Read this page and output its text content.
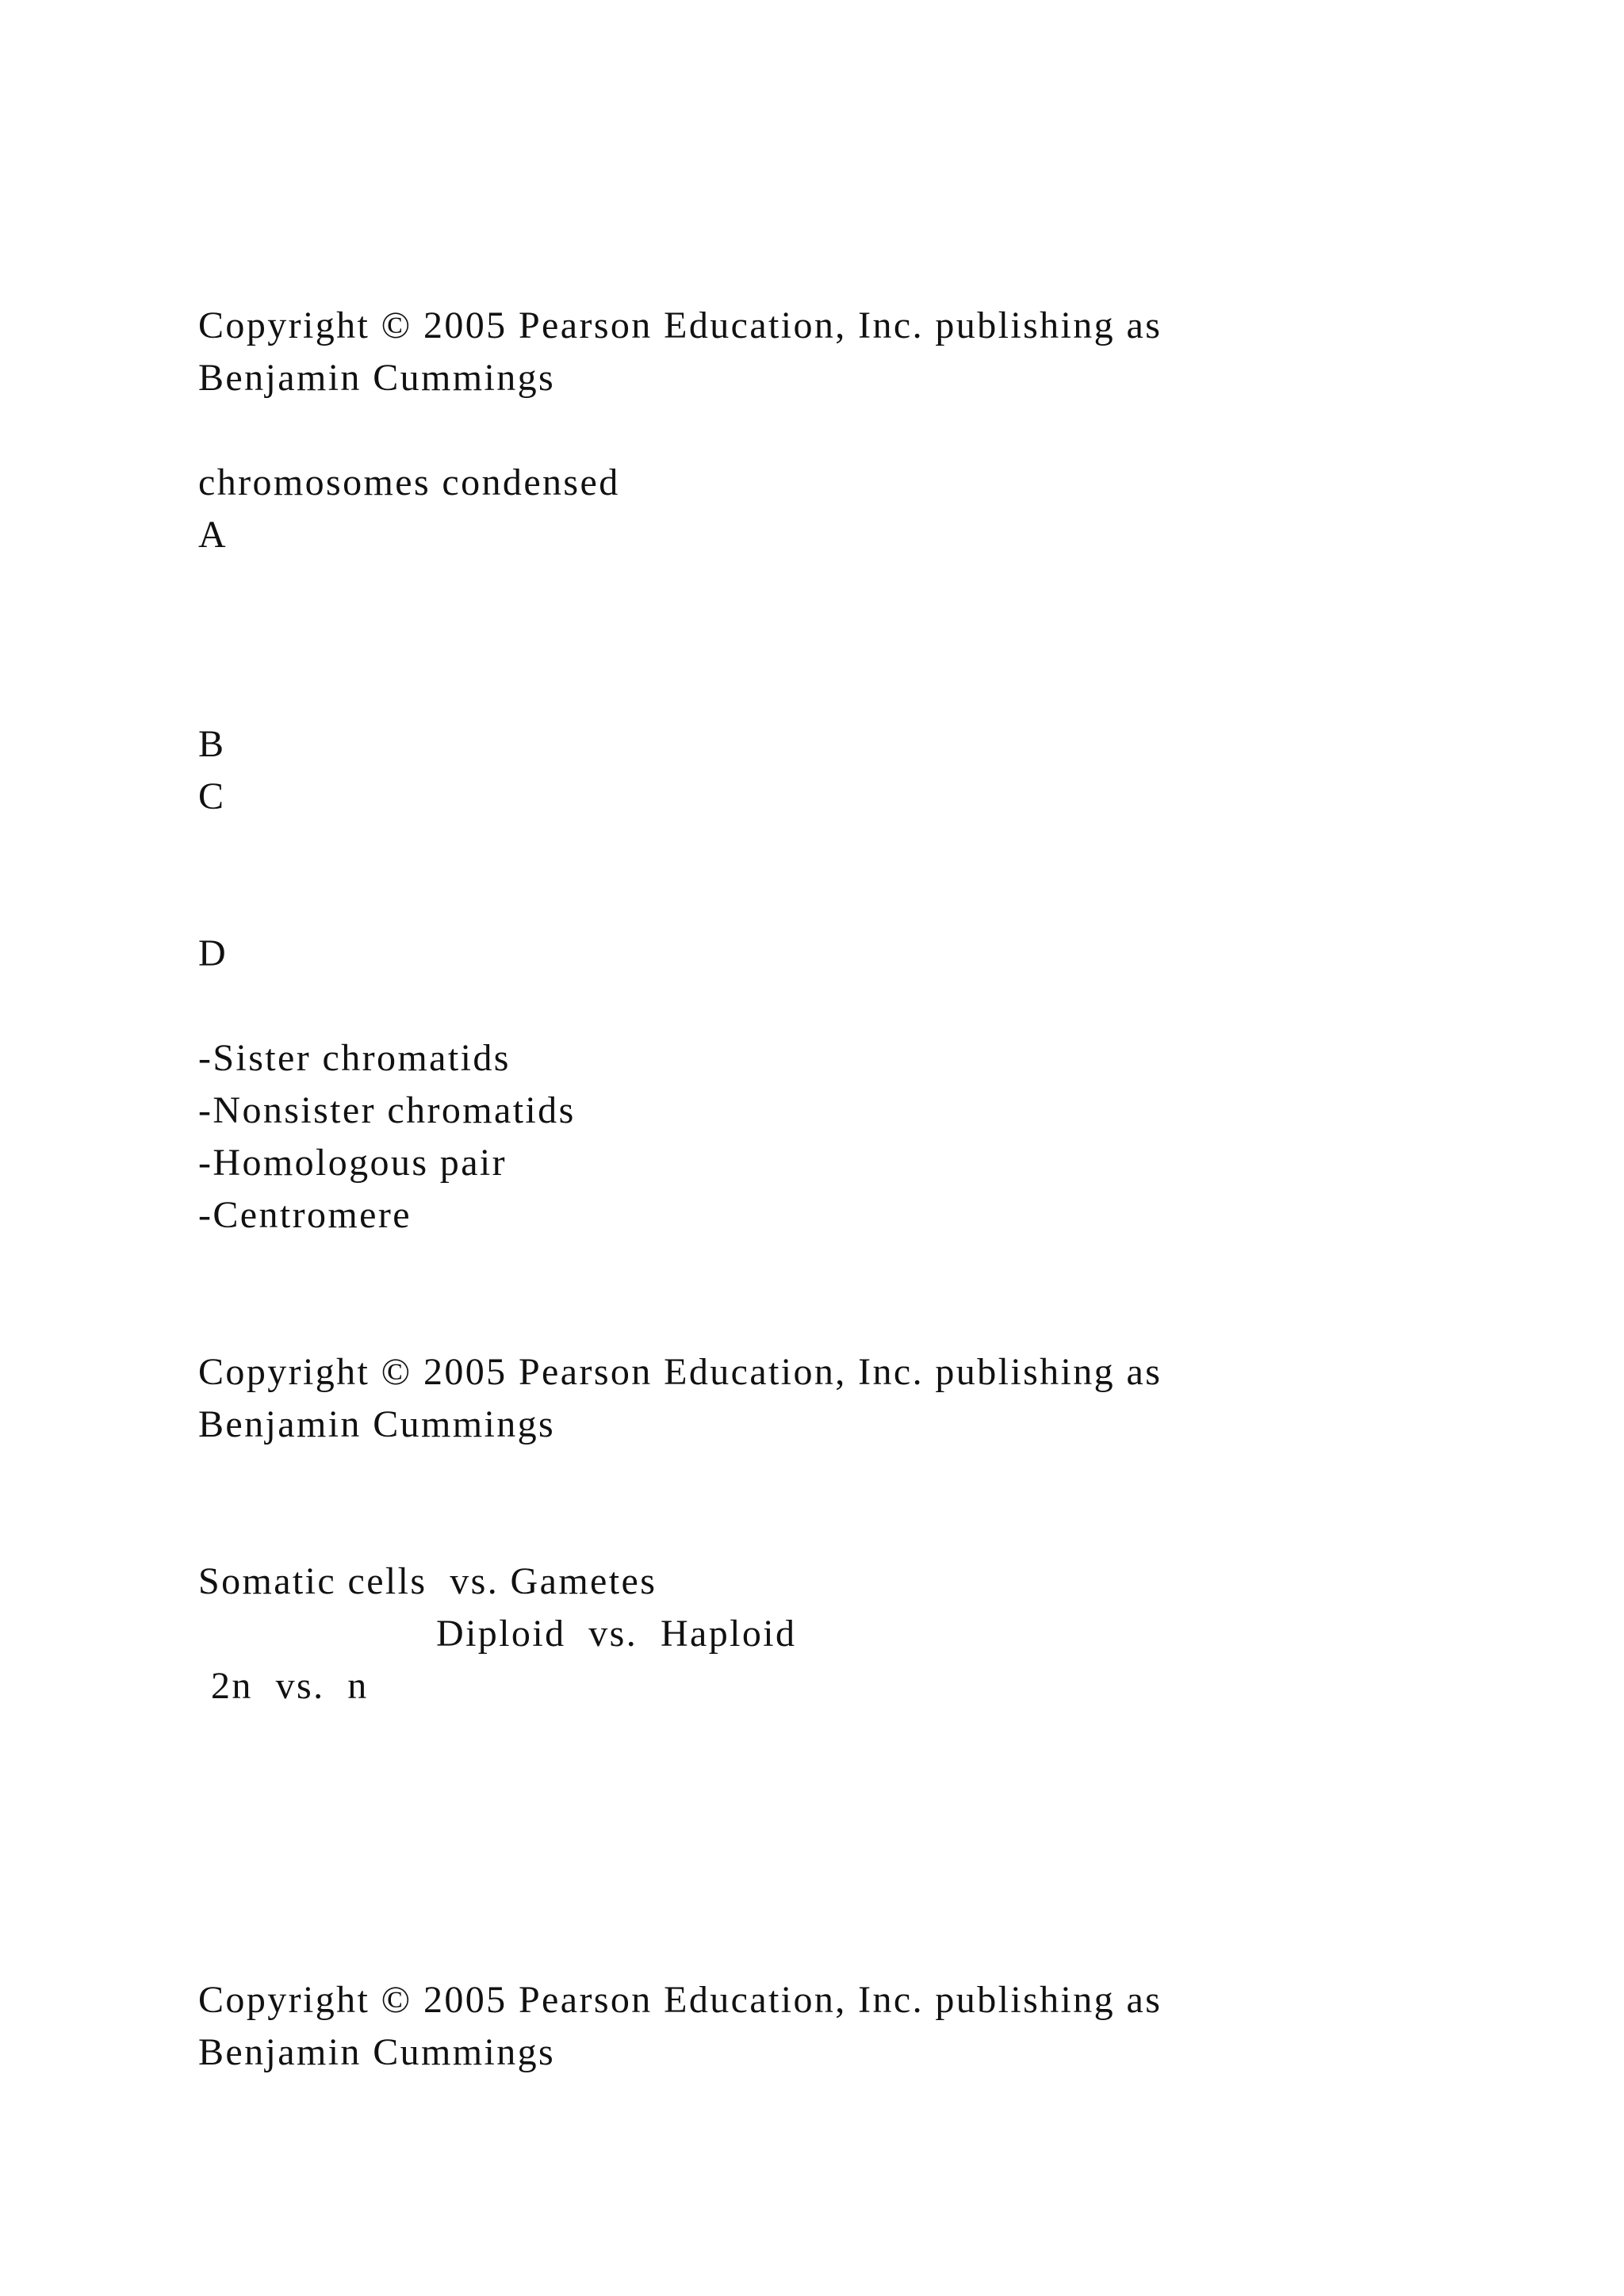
Copyright © 2005 Pearson Education, Inc. publishing as

Benjamin Cummings

chromosomes condensed

A

B

C

D

-Sister chromatids

-Nonsister chromatids

-Homologous pair

-Centromere

Copyright © 2005 Pearson Education, Inc. publishing as

Benjamin Cummings

Somatic cells  vs. Gametes

Diploid  vs.  Haploid

2n  vs.  n

Copyright © 2005 Pearson Education, Inc. publishing as

Benjamin Cummings
